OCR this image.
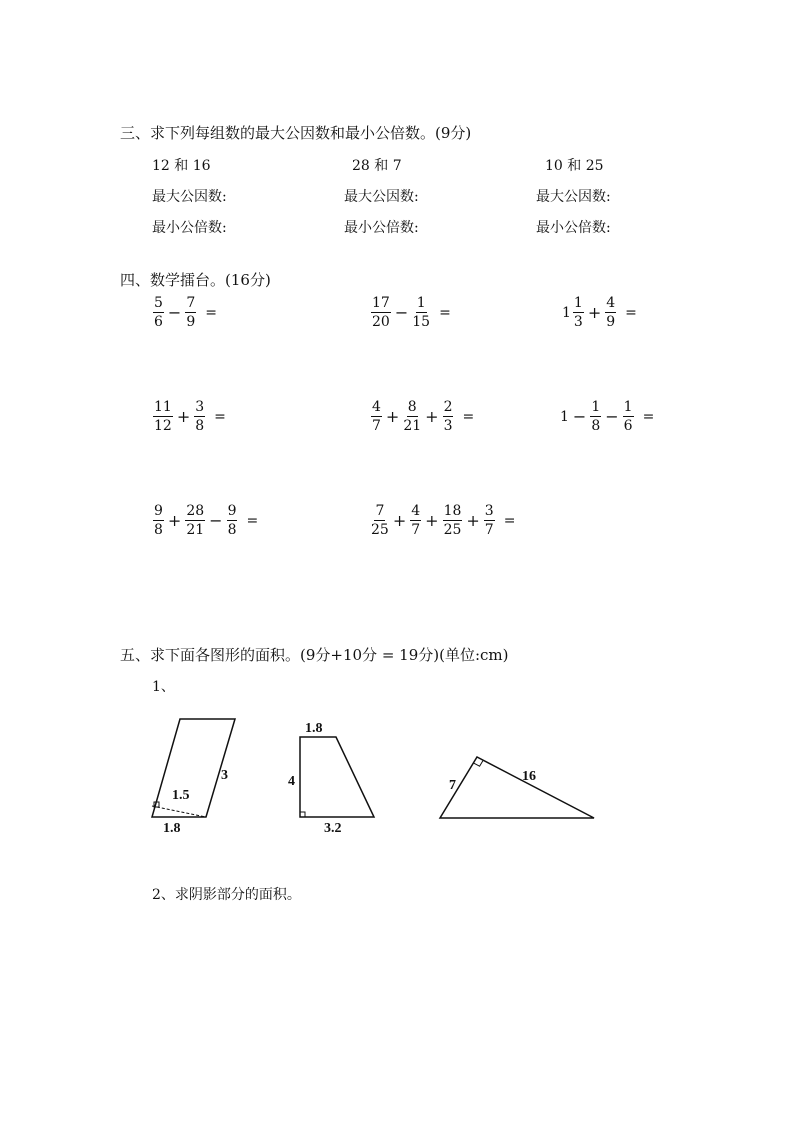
三、求下列每组数的最大公因数和最小公倍数。(9分)
12 和 16	28 和 7	10 和 25
最大公因数:	最大公因数:	最大公因数:
最小公倍数:	最小公倍数:	最小公倍数:
四、数学擂台。(16分)
$\frac{5}{6} - \frac{7}{9}$ =	$\frac{17}{20} - \frac{1}{15}$ =	$1 \frac{1}{3} + \frac{4}{9}$ =
$\frac{11}{12} + \frac{3}{8}$ =	$\frac{4}{7} + \frac{8}{21} + \frac{2}{3}$ =	$1 - \frac{1}{8} - \frac{1}{6}$ =
$\frac{9}{8} + \frac{28}{21} - \frac{9}{8}$ =	$\frac{7}{25} + \frac{4}{7} + \frac{18}{25} + \frac{3}{7}$ =
五、求下面各图形的面积。(9分+10分 = 19分)(单位:cm)
1、
1.5
1.8
3
1.8
4
3.2
7
16
2、求阴影部分的面积。
